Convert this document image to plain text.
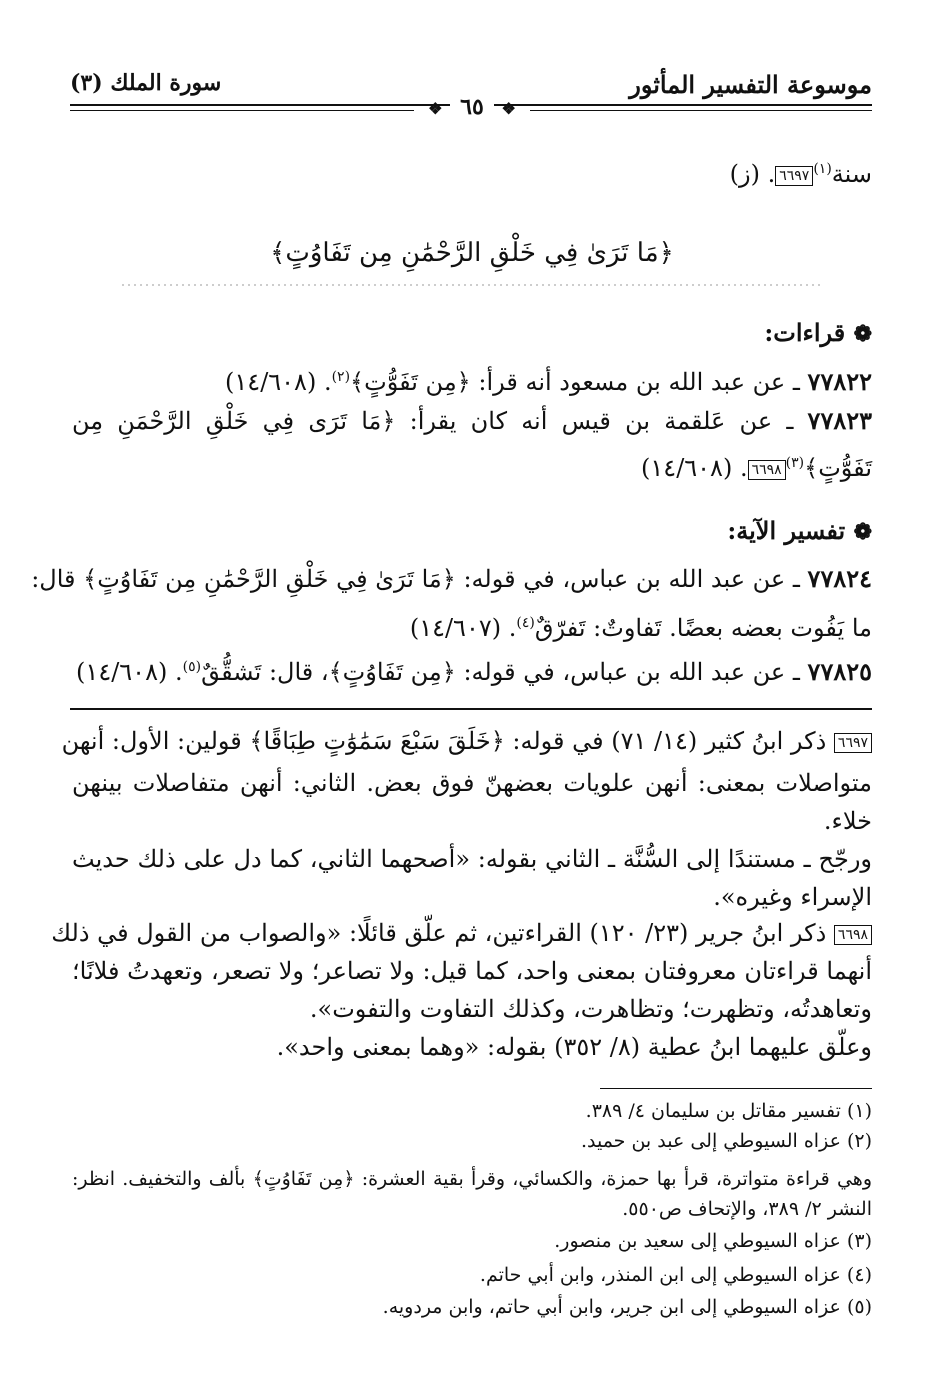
موسوعة التفسير المأثور
سورة الملك (٣)
❖ ٦٥ ❖
سنة$^{(١)}$٦٦٩٧. (ز)
﴿مَا تَرَىٰ فِي خَلْقِ الرَّحْمَٰنِ مِن تَفَاوُتٍ﴾
❁ قراءات:
٧٧٨٢٢ ـ عن عبد الله بن مسعود أنه قرأ: ﴿مِن تَفَوُّتٍ﴾$^{(٢)}$. (١٤/٦٠٨)
٧٧٨٢٣ ـ عن عَلقمة بن قيس أنه كان يقرأ: ﴿مَا تَرَى فِي خَلْقِ الرَّحْمَنِ مِن
تَفَوُّتٍ﴾$^{(٣)}$٦٦٩٨. (١٤/٦٠٨)
❁ تفسير الآية:
٧٧٨٢٤ ـ عن عبد الله بن عباس، في قوله: ﴿مَا تَرَىٰ فِي خَلْقِ الرَّحْمَٰنِ مِن تَفَاوُتٍ﴾ قال:
ما يَفُوت بعضه بعضًا. تَفاوتٌ: تَفرّقٌ$^{(٤)}$. (١٤/٦٠٧)
٧٧٨٢٥ ـ عن عبد الله بن عباس، في قوله: ﴿مِن تَفَاوُتٍ﴾، قال: تَشقُّقٌ$^{(٥)}$. (١٤/٦٠٨)
٦٦٩٧ ذكر ابنُ كثير (١٤/ ٧١) في قوله: ﴿خَلَقَ سَبْعَ سَمَٰوَٰتٍ طِبَاقًا﴾ قولين: الأول: أنهن
متواصلات بمعنى: أنهن علويات بعضهنّ فوق بعض. الثاني: أنهن متفاصلات بينهن
خلاء.
ورجّح ـ مستندًا إلى السُّنَّة ـ الثاني بقوله: «أصحهما الثاني، كما دل على ذلك حديث
الإسراء وغيره».
٦٦٩٨ ذكر ابنُ جرير (٢٣/ ١٢٠) القراءتين، ثم علّق قائلًا: «والصواب من القول في ذلك
أنهما قراءتان معروفتان بمعنى واحد، كما قيل: ولا تصاعر؛ ولا تصعر، وتعهدتُ فلانًا؛
وتعاهدتُه، وتظهرت؛ وتظاهرت، وكذلك التفاوت والتفوت».
وعلّق عليهما ابنُ عطية (٨/ ٣٥٢) بقوله: «وهما بمعنى واحد».
(١) تفسير مقاتل بن سليمان ٤/ ٣٨٩.
(٢) عزاه السيوطي إلى عبد بن حميد.
وهي قراءة متواترة، قرأ بها حمزة، والكسائي، وقرأ بقية العشرة: ﴿مِن تَفَاوُتٍ﴾ بألف والتخفيف. انظر:
النشر ٢/ ٣٨٩، والإتحاف ص٥٥٠.
(٣) عزاه السيوطي إلى سعيد بن منصور.
(٤) عزاه السيوطي إلى ابن المنذر، وابن أبي حاتم.
(٥) عزاه السيوطي إلى ابن جرير، وابن أبي حاتم، وابن مردويه.
